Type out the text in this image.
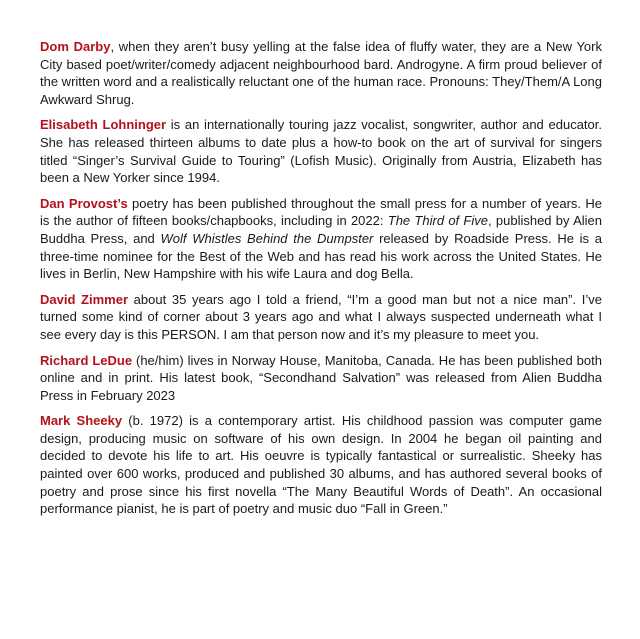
Dom Darby, when they aren’t busy yelling at the false idea of fluffy water, they are a New York City based poet/writer/comedy adjacent neighbourhood bard. Androgyne. A firm proud believer of the written word and a realistically reluctant one of the human race. Pronouns: They/Them/A Long Awkward Shrug.

Elisabeth Lohninger is an internationally touring jazz vocalist, songwriter, author and educator. She has released thirteen albums to date plus a how-to book on the art of survival for singers titled “Singer’s Survival Guide to Touring” (Lofish Music). Originally from Austria, Elizabeth has been a New Yorker since 1994.

Dan Provost’s poetry has been published throughout the small press for a number of years. He is the author of fifteen books/chapbooks, including in 2022: The Third of Five, published by Alien Buddha Press, and Wolf Whistles Behind the Dumpster released by Roadside Press. He is a three-time nominee for the Best of the Web and has read his work across the United States. He lives in Berlin, New Hampshire with his wife Laura and dog Bella.

David Zimmer about 35 years ago I told a friend, “I’m a good man but not a nice man”. I’ve turned some kind of corner about 3 years ago and what I always suspected underneath what I see every day is this PERSON. I am that person now and it’s my pleasure to meet you.

Richard LeDue (he/him) lives in Norway House, Manitoba, Canada. He has been published both online and in print. His latest book, “Secondhand Salvation” was released from Alien Buddha Press in February 2023

Mark Sheeky (b. 1972) is a contemporary artist. His childhood passion was computer game design, producing music on software of his own design. In 2004 he began oil painting and decided to devote his life to art. His oeuvre is typically fantastical or surrealistic. Sheeky has painted over 600 works, produced and published 30 albums, and has authored several books of poetry and prose since his first novella “The Many Beautiful Words of Death”. An occasional performance pianist, he is part of poetry and music duo “Fall in Green.”
